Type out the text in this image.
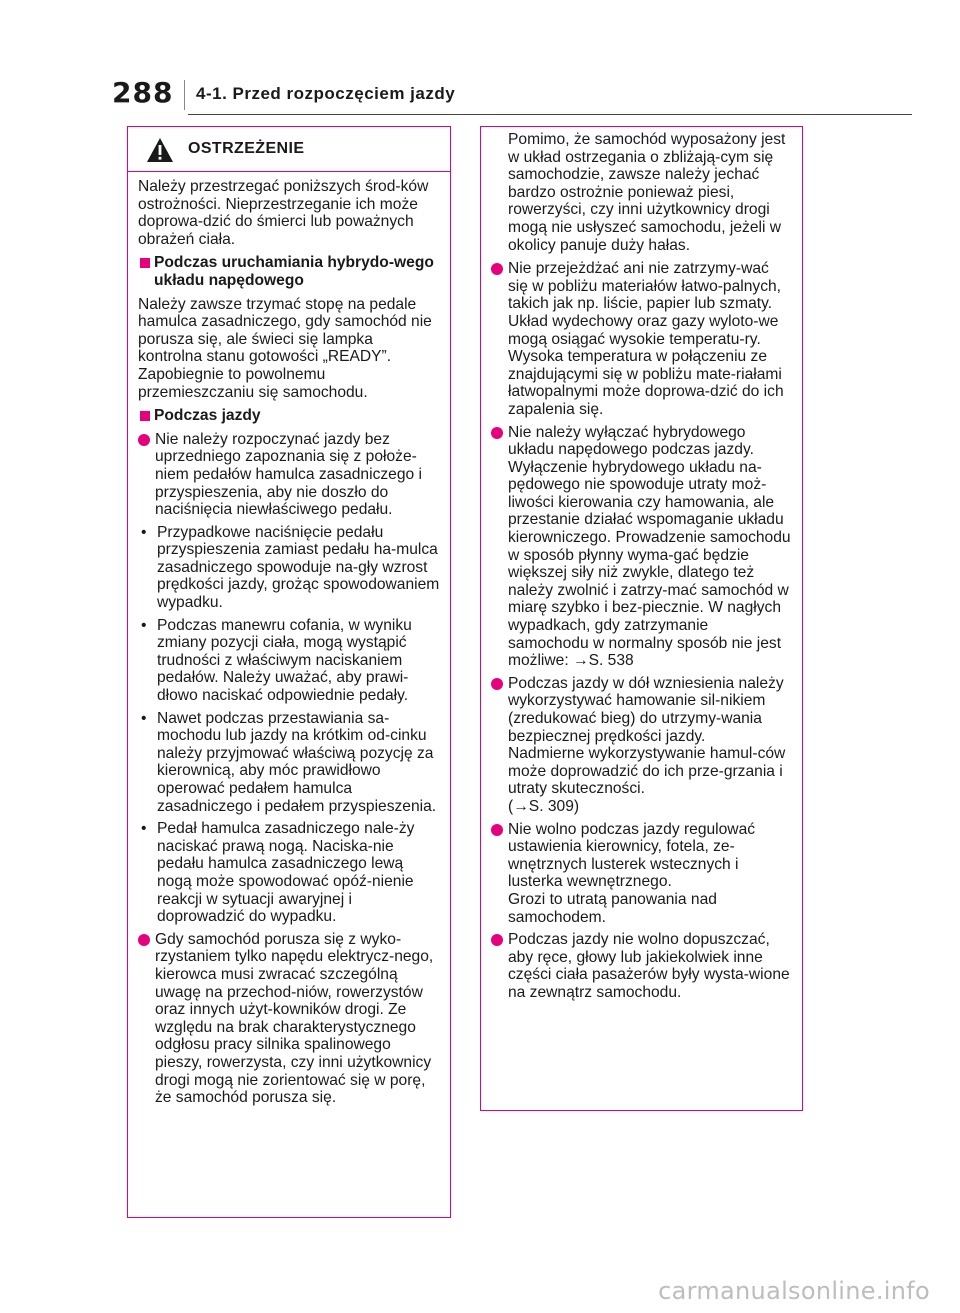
288 4-1. Przed rozpoczęciem jazdy
OSTRZEŻENIE

Należy przestrzegać poniższych środ-ków ostrożności. Nieprzestrzeganie ich może doprowa-dzić do śmierci lub poważnych obrażeń ciała.

Podczas uruchamiania hybrydo-wego układu napędowego

Należy zawsze trzymać stopę na pedale hamulca zasadniczego, gdy samochód nie porusza się, ale świeci się lampka kontrolna stanu gotowości „READY”. Zapobiegnie to powolnemu przemieszczaniu się samochodu.

Podczas jazdy
Nie należy rozpoczynać jazdy bez uprzedniego zapoznania się z położe-niem pedałów hamulca zasadniczego i przyspieszenia, aby nie doszło do naciśnięcia niewłaściwego pedału.
• Przypadkowe naciśnięcie pedału przyspieszenia zamiast pedału ha-mulca zasadniczego spowoduje na-gły wzrost prędkości jazdy, grożąc spowodowaniem wypadku.
• Podczas manewru cofania, w wyniku zmiany pozycji ciała, mogą wystąpić trudności z właściwym naciskaniem pedałów. Należy uważać, aby prawi-dłowo naciskać odpowiednie pedały.
• Nawet podczas przestawiania sa-mochodu lub jazdy na krótkim od-cinku należy przyjmować właściwą pozycję za kierownicą, aby móc prawidłowo operować pedałem hamulca zasadniczego i pedałem przyspieszenia.
• Pedał hamulca zasadniczego nale-ży naciskać prawą nogą. Naciska-nie pedału hamulca zasadniczego lewą nogą może spowodować opóź-nienie reakcji w sytuacji awaryjnej i doprowadzić do wypadku.
Gdy samochód porusza się z wyko-rzystaniem tylko napędu elektrycz-nego, kierowca musi zwracać szczególną uwagę na przechod-niów, rowerzystów oraz innych użyt-kowników drogi. Ze względu na brak charakterystycznego odgłosu pracy silnika spalinowego pieszy, rowerzysta, czy inni użytkownicy drogi mogą nie zorientować się w porę, że samochód porusza się.

Pomimo, że samochód wyposażony jest w układ ostrzegania o zbliżają-cym się samochodzie, zawsze należy jechać bardzo ostrożnie ponieważ piesi, rowerzyści, czy inni użytkownicy drogi mogą nie usłyszeć samochodu, jeżeli w okolicy panuje duży hałas.

Nie przejeżdżać ani nie zatrzymy-wać się w pobliżu materiałów łatwo-palnych, takich jak np. liście, papier lub szmaty.
Układ wydechowy oraz gazy wyloto-we mogą osiągać wysokie temperatu-ry. Wysoka temperatura w połączeniu ze znajdującymi się w pobliżu mate-riałami łatwopalnymi może doprowa-dzić do ich zapalenia się.
Nie należy wyłączać hybrydowego układu napędowego podczas jazdy.
Wyłączenie hybrydowego układu na-pędowego nie spowoduje utraty moż-liwości kierowania czy hamowania, ale przestanie działać wspomaganie układu kierowniczego. Prowadzenie samochodu w sposób płynny wyma-gać będzie większej siły niż zwykle, dlatego też należy zwolnić i zatrzy-mać samochód w miarę szybko i bez-piecznie. W nagłych wypadkach, gdy zatrzymanie samochodu w normalny sposób nie jest możliwe: →S. 538
Podczas jazdy w dół wzniesienia należy wykorzystywać hamowanie sil-nikiem (zredukować bieg) do utrzymy-wania bezpiecznej prędkości jazdy.
Nadmierne wykorzystywanie hamul-ców może doprowadzić do ich prze-grzania i utraty skuteczności.
(→S. 309)
Nie wolno podczas jazdy regulować ustawienia kierownicy, fotela, ze-wnętrznych lusterek wstecznych i lusterka wewnętrznego.
Grozi to utratą panowania nad samochodem.
Podczas jazdy nie wolno dopuszczać, aby ręce, głowy lub jakiekolwiek inne części ciała pasażerów były wysta-wione na zewnątrz samochodu.
carmanualsonline.info
